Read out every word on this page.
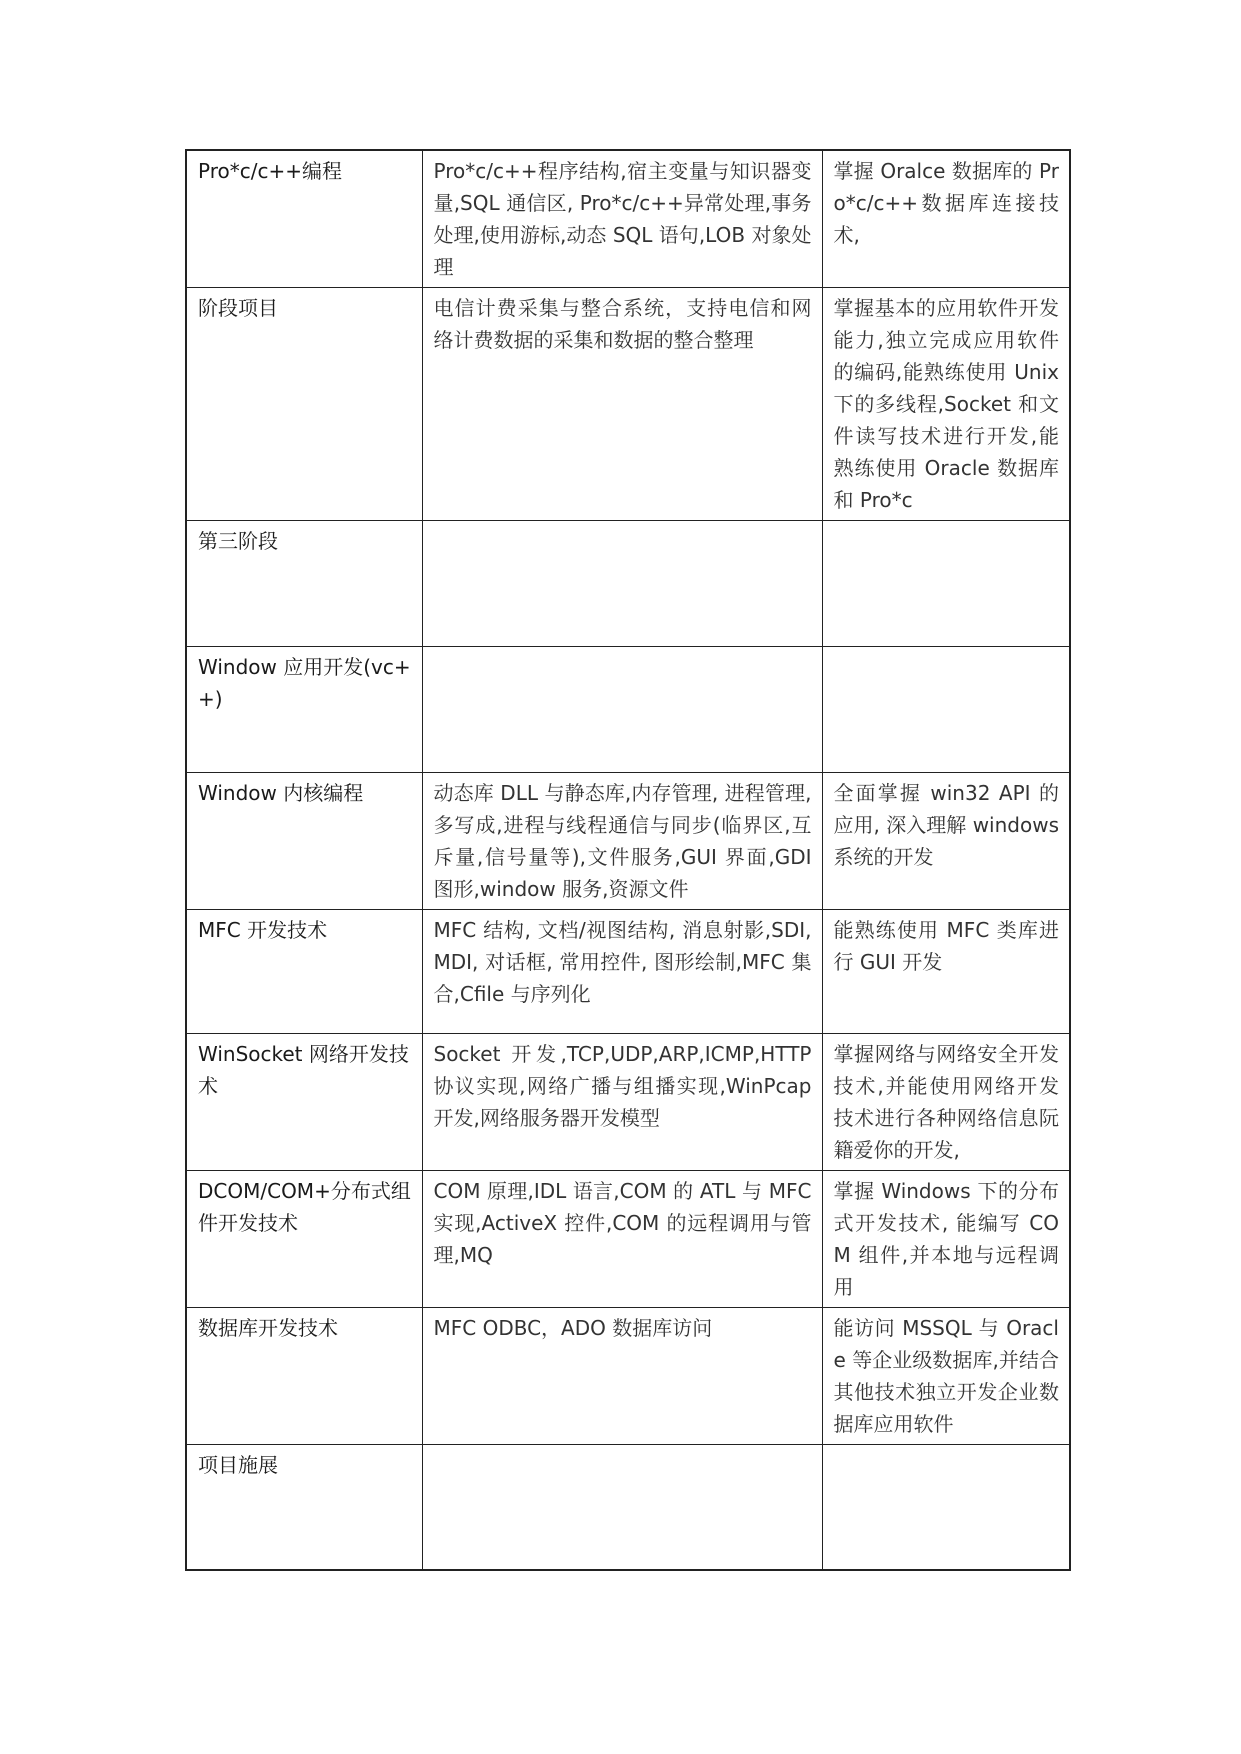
Pro*c/c++编程	Pro*c/c++程序结构,宿主变量与知识器变量,SQL 通信区, Pro*c/c++异常处理,事务处理,使用游标,动态 SQL 语句,LOB 对象处理	掌握 Oralce 数据库的 Pro*c/c++数据库连接技术,
阶段项目	电信计费采集与整合系统，支持电信和网络计费数据的采集和数据的整合整理	掌握基本的应用软件开发能力,独立完成应用软件的编码,能熟练使用 Unix 下的多线程,Socket 和文件读写技术进行开发,能熟练使用 Oracle 数据库和 Pro*c
第三阶段		
Window 应用开发(vc++)		
Window 内核编程	动态库 DLL 与静态库,内存管理, 进程管理,多写成,进程与线程通信与同步(临界区,互斥量,信号量等),文件服务,GUI 界面,GDI 图形,window 服务,资源文件	全面掌握 win32 API 的应用, 深入理解 windows 系统的开发
MFC 开发技术	MFC 结构, 文档/视图结构, 消息射影,SDI,MDI, 对话框, 常用控件, 图形绘制,MFC 集合,Cfile 与序列化	能熟练使用 MFC 类库进行 GUI 开发
WinSocket 网络开发技术	Socket 开发,TCP,UDP,ARP,ICMP,HTTP 协议实现,网络广播与组播实现,WinPcap 开发,网络服务器开发模型	掌握网络与网络安全开发技术,并能使用网络开发技术进行各种网络信息阮籍爱你的开发,
DCOM/COM+分布式组件开发技术	COM 原理,IDL 语言,COM 的 ATL 与 MFC 实现,ActiveX 控件,COM 的远程调用与管理,MQ	掌握 Windows 下的分布式开发技术, 能编写 COM 组件,并本地与远程调用
数据库开发技术	MFC ODBC，ADO 数据库访问	能访问 MSSQL 与 Oracle 等企业级数据库,并结合其他技术独立开发企业数据库应用软件
项目施展		
